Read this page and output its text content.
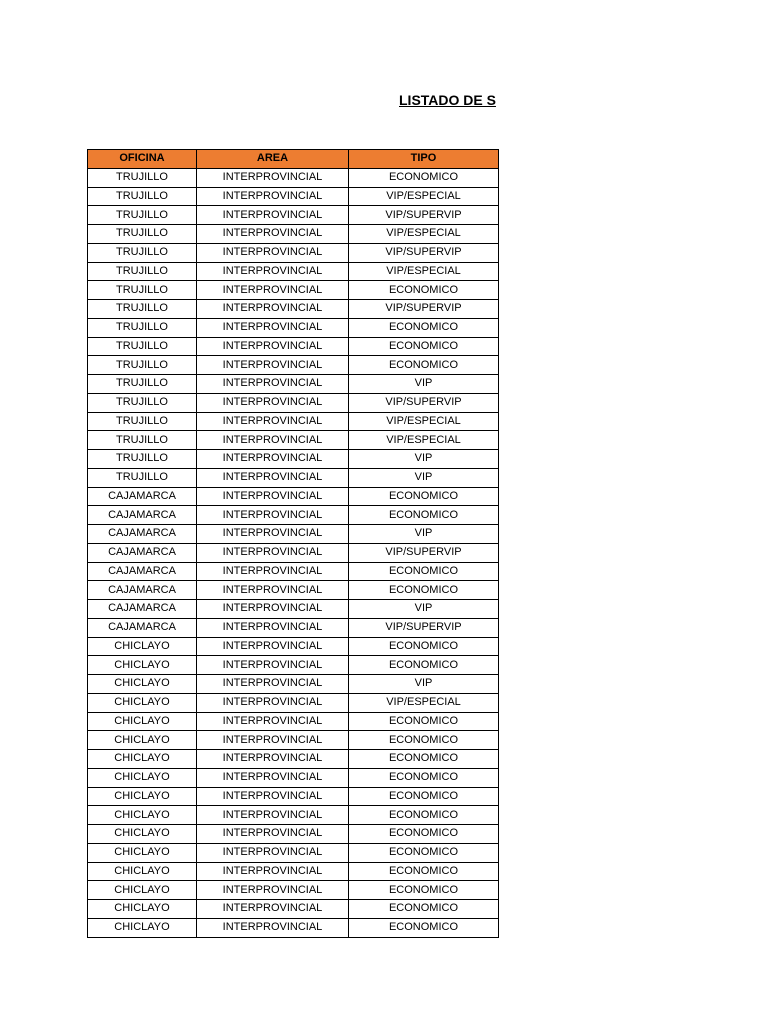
LISTADO DE S
OFICINA	AREA	TIPO
TRUJILLO	INTERPROVINCIAL	ECONOMICO
TRUJILLO	INTERPROVINCIAL	VIP/ESPECIAL
TRUJILLO	INTERPROVINCIAL	VIP/SUPERVIP
TRUJILLO	INTERPROVINCIAL	VIP/ESPECIAL
TRUJILLO	INTERPROVINCIAL	VIP/SUPERVIP
TRUJILLO	INTERPROVINCIAL	VIP/ESPECIAL
TRUJILLO	INTERPROVINCIAL	ECONOMICO
TRUJILLO	INTERPROVINCIAL	VIP/SUPERVIP
TRUJILLO	INTERPROVINCIAL	ECONOMICO
TRUJILLO	INTERPROVINCIAL	ECONOMICO
TRUJILLO	INTERPROVINCIAL	ECONOMICO
TRUJILLO	INTERPROVINCIAL	VIP
TRUJILLO	INTERPROVINCIAL	VIP/SUPERVIP
TRUJILLO	INTERPROVINCIAL	VIP/ESPECIAL
TRUJILLO	INTERPROVINCIAL	VIP/ESPECIAL
TRUJILLO	INTERPROVINCIAL	VIP
TRUJILLO	INTERPROVINCIAL	VIP
CAJAMARCA	INTERPROVINCIAL	ECONOMICO
CAJAMARCA	INTERPROVINCIAL	ECONOMICO
CAJAMARCA	INTERPROVINCIAL	VIP
CAJAMARCA	INTERPROVINCIAL	VIP/SUPERVIP
CAJAMARCA	INTERPROVINCIAL	ECONOMICO
CAJAMARCA	INTERPROVINCIAL	ECONOMICO
CAJAMARCA	INTERPROVINCIAL	VIP
CAJAMARCA	INTERPROVINCIAL	VIP/SUPERVIP
CHICLAYO	INTERPROVINCIAL	ECONOMICO
CHICLAYO	INTERPROVINCIAL	ECONOMICO
CHICLAYO	INTERPROVINCIAL	VIP
CHICLAYO	INTERPROVINCIAL	VIP/ESPECIAL
CHICLAYO	INTERPROVINCIAL	ECONOMICO
CHICLAYO	INTERPROVINCIAL	ECONOMICO
CHICLAYO	INTERPROVINCIAL	ECONOMICO
CHICLAYO	INTERPROVINCIAL	ECONOMICO
CHICLAYO	INTERPROVINCIAL	ECONOMICO
CHICLAYO	INTERPROVINCIAL	ECONOMICO
CHICLAYO	INTERPROVINCIAL	ECONOMICO
CHICLAYO	INTERPROVINCIAL	ECONOMICO
CHICLAYO	INTERPROVINCIAL	ECONOMICO
CHICLAYO	INTERPROVINCIAL	ECONOMICO
CHICLAYO	INTERPROVINCIAL	ECONOMICO
CHICLAYO	INTERPROVINCIAL	ECONOMICO
